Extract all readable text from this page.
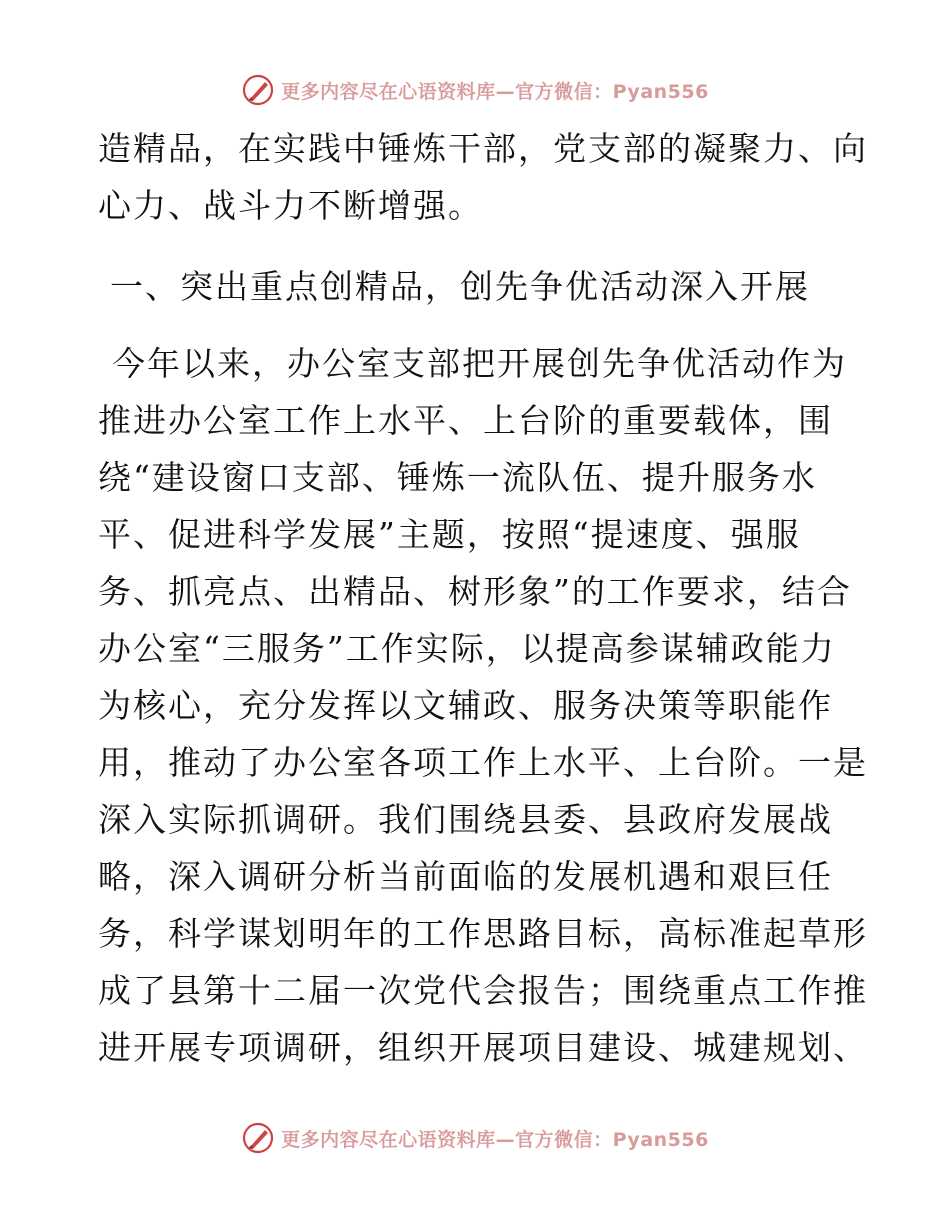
更多内容尽在心语资料库—官方微信：Pyan556
造精品，在实践中锤炼干部，党支部的凝聚力、向
心力、战斗力不断增强。
一、突出重点创精品，创先争优活动深入开展
今年以来，办公室支部把开展创先争优活动作为
推进办公室工作上水平、上台阶的重要载体，围
绕“建设窗口支部、锤炼一流队伍、提升服务水
平、促进科学发展”主题，按照“提速度、强服
务、抓亮点、出精品、树形象”的工作要求，结合
办公室“三服务”工作实际，以提高参谋辅政能力
为核心，充分发挥以文辅政、服务决策等职能作
用，推动了办公室各项工作上水平、上台阶。一是
深入实际抓调研。我们围绕县委、县政府发展战
略，深入调研分析当前面临的发展机遇和艰巨任
务，科学谋划明年的工作思路目标，高标准起草形
成了县第十二届一次党代会报告；围绕重点工作推
进开展专项调研，组织开展项目建设、城建规划、
更多内容尽在心语资料库—官方微信：Pyan556
